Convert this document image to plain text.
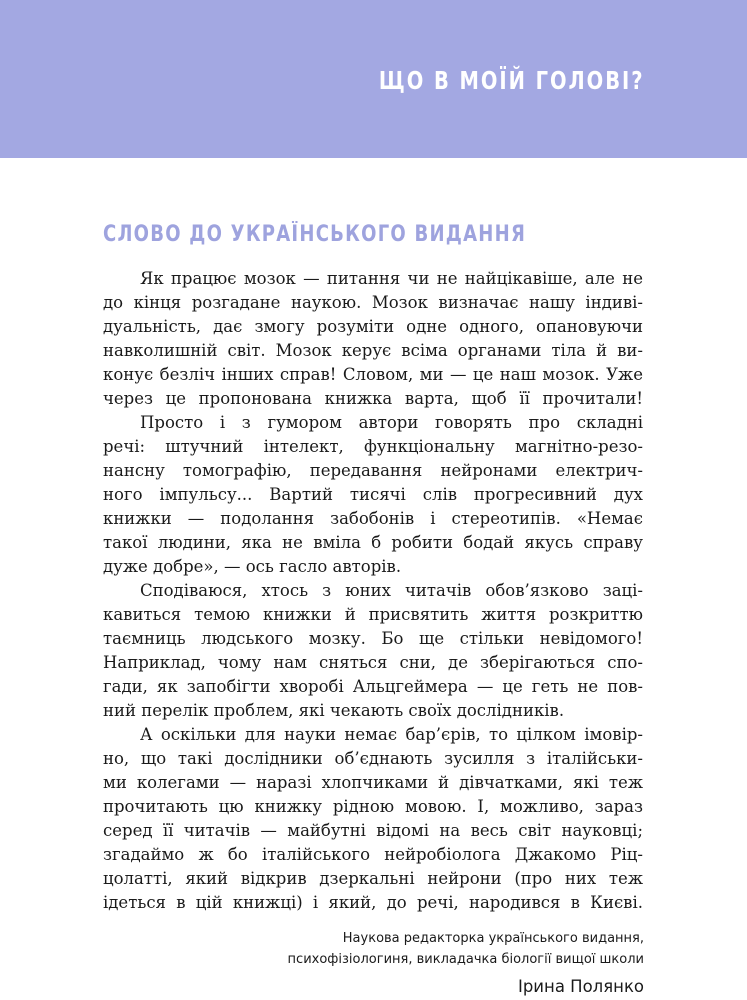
ЩО В МОЇЙ ГОЛОВІ?
СЛОВО ДО УКРАЇНСЬКОГО ВИДАННЯ
Як працює мозок — питання чи не найцікавіше, але не
до кінця розгадане наукою. Мозок визначає нашу індиві-
дуальність, дає змогу розуміти одне одного, опановуючи
навколишній світ. Мозок керує всіма органами тіла й ви-
конує безліч інших справ! Словом, ми — це наш мозок. Уже
через це пропонована книжка варта, щоб її прочитали!
Просто і з гумором автори говорять про складні
речі: штучний інтелект, функціональну магнітно-резо-
нансну томографію, передавання нейронами електрич-
ного імпульсу... Вартий тисячі слів прогресивний дух
книжки — подолання забобонів і стереотипів. «Немає
такої людини, яка не вміла б робити бодай якусь справу
дуже добре», — ось гасло авторів.
Сподіваюся, хтось з юних читачів обов’язково заці-
кавиться темою книжки й присвятить життя розкриттю
таємниць людського мозку. Бо ще стільки невідомого!
Наприклад, чому нам сняться сни, де зберігаються спо-
гади, як запобігти хворобі Альцгеймера — це геть не пов-
ний перелік проблем, які чекають своїх дослідників.
А оскільки для науки немає бар’єрів, то цілком імовір-
но, що такі дослідники об’єднають зусилля з італійськи-
ми колегами — наразі хлопчиками й дівчатками, які теж
прочитають цю книжку рідною мовою. І, можливо, зараз
серед її читачів — майбутні відомі на весь світ науковці;
згадаймо ж бо італійського нейробіолога Джакомо Ріц-
цолатті, який відкрив дзеркальні нейрони (про них теж
ідеться в цій книжці) і який, до речі, народився в Києві.
Наукова редакторка українського видання,
психофізіологиня, викладачка біології вищої школи
Ірина Полянко
